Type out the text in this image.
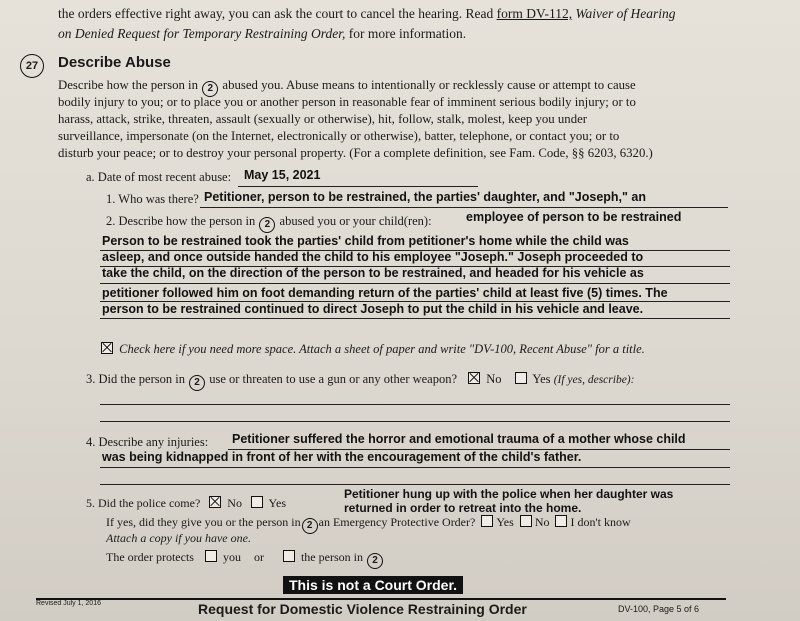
the orders effective right away, you can ask the court to cancel the hearing. Read form DV-112, Waiver of Hearing
on Denied Request for Temporary Restraining Order, for more information.
27	Describe Abuse
Describe how the person in 2 abused you. Abuse means to intentionally or recklessly cause or attempt to cause
bodily injury to you; or to place you or another person in reasonable fear of imminent serious bodily injury; or to
harass, attack, strike, threaten, assault (sexually or otherwise), hit, follow, stalk, molest, keep you under
surveillance, impersonate (on the Internet, electronically or otherwise), batter, telephone, or contact you; or to
disturb your peace; or to destroy your personal property. (For a complete definition, see Fam. Code, §§ 6203, 6320.)
a. Date of most recent abuse: May 15, 2021
1. Who was there? Petitioner, person to be restrained, the parties' daughter, and "Joseph," an
2. Describe how the person in 2 abused you or your child(ren):	employee of person to be restrained
Person to be restrained took the parties' child from petitioner's home while the child was
asleep, and once outside handed the child to his employee "Joseph." Joseph proceeded to
take the child, on the direction of the person to be restrained, and headed for his vehicle as
petitioner followed him on foot demanding return of the parties' child at least five (5) times. The
person to be restrained continued to direct Joseph to put the child in his vehicle and leave.
Check here if you need more space. Attach a sheet of paper and write "DV-100, Recent Abuse" for a title.
3. Did the person in 2 use or threaten to use a gun or any other weapon? No Yes (If yes, describe):
4. Describe any injuries: Petitioner suffered the horror and emotional trauma of a mother whose child
was being kidnapped in front of her with the encouragement of the child's father.
5. Did the police come? No Yes
Petitioner hung up with the police when her daughter was
returned in order to retreat into the home.
If yes, did they give you or the person in 2 an Emergency Protective Order? Yes No I don't know
Attach a copy if you have one.
The order protects you or	the person in 2
This is not a Court Order.
Revised July 1, 2016	Request for Domestic Violence Restraining Order	DV-100, Page 5 of 6
